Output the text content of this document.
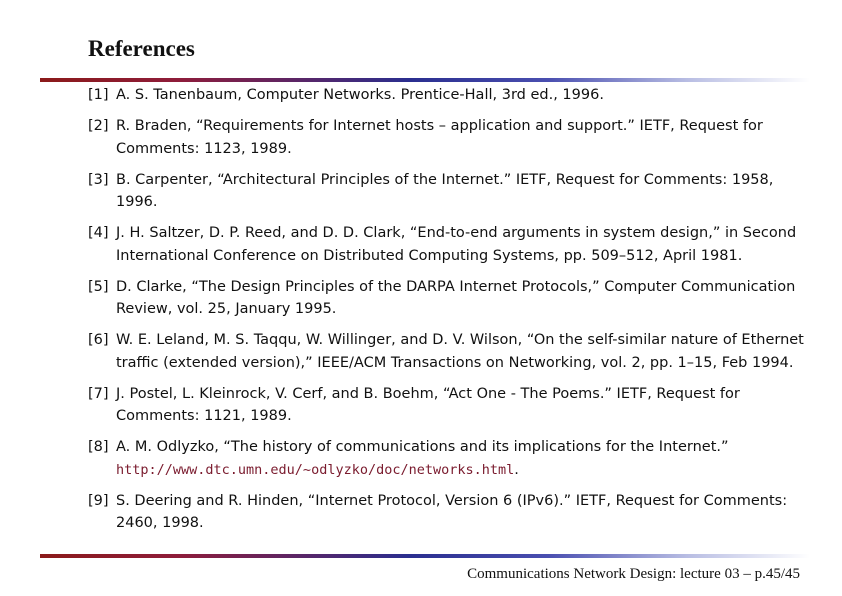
References
[1] A. S. Tanenbaum, Computer Networks. Prentice-Hall, 3rd ed., 1996.
[2] R. Braden, “Requirements for Internet hosts – application and support.” IETF, Request for Comments: 1123, 1989.
[3] B. Carpenter, “Architectural Principles of the Internet.” IETF, Request for Comments: 1958, 1996.
[4] J. H. Saltzer, D. P. Reed, and D. D. Clark, “End-to-end arguments in system design,” in Second International Conference on Distributed Computing Systems, pp. 509–512, April 1981.
[5] D. Clarke, “The Design Principles of the DARPA Internet Protocols,” Computer Communication Review, vol. 25, January 1995.
[6] W. E. Leland, M. S. Taqqu, W. Willinger, and D. V. Wilson, “On the self-similar nature of Ethernet traffic (extended version),” IEEE/ACM Transactions on Networking, vol. 2, pp. 1–15, Feb 1994.
[7] J. Postel, L. Kleinrock, V. Cerf, and B. Boehm, “Act One - The Poems.” IETF, Request for Comments: 1121, 1989.
[8] A. M. Odlyzko, “The history of communications and its implications for the Internet.” http://www.dtc.umn.edu/~odlyzko/doc/networks.html.
[9] S. Deering and R. Hinden, “Internet Protocol, Version 6 (IPv6).” IETF, Request for Comments: 2460, 1998.
Communications Network Design: lecture 03 – p.45/45
